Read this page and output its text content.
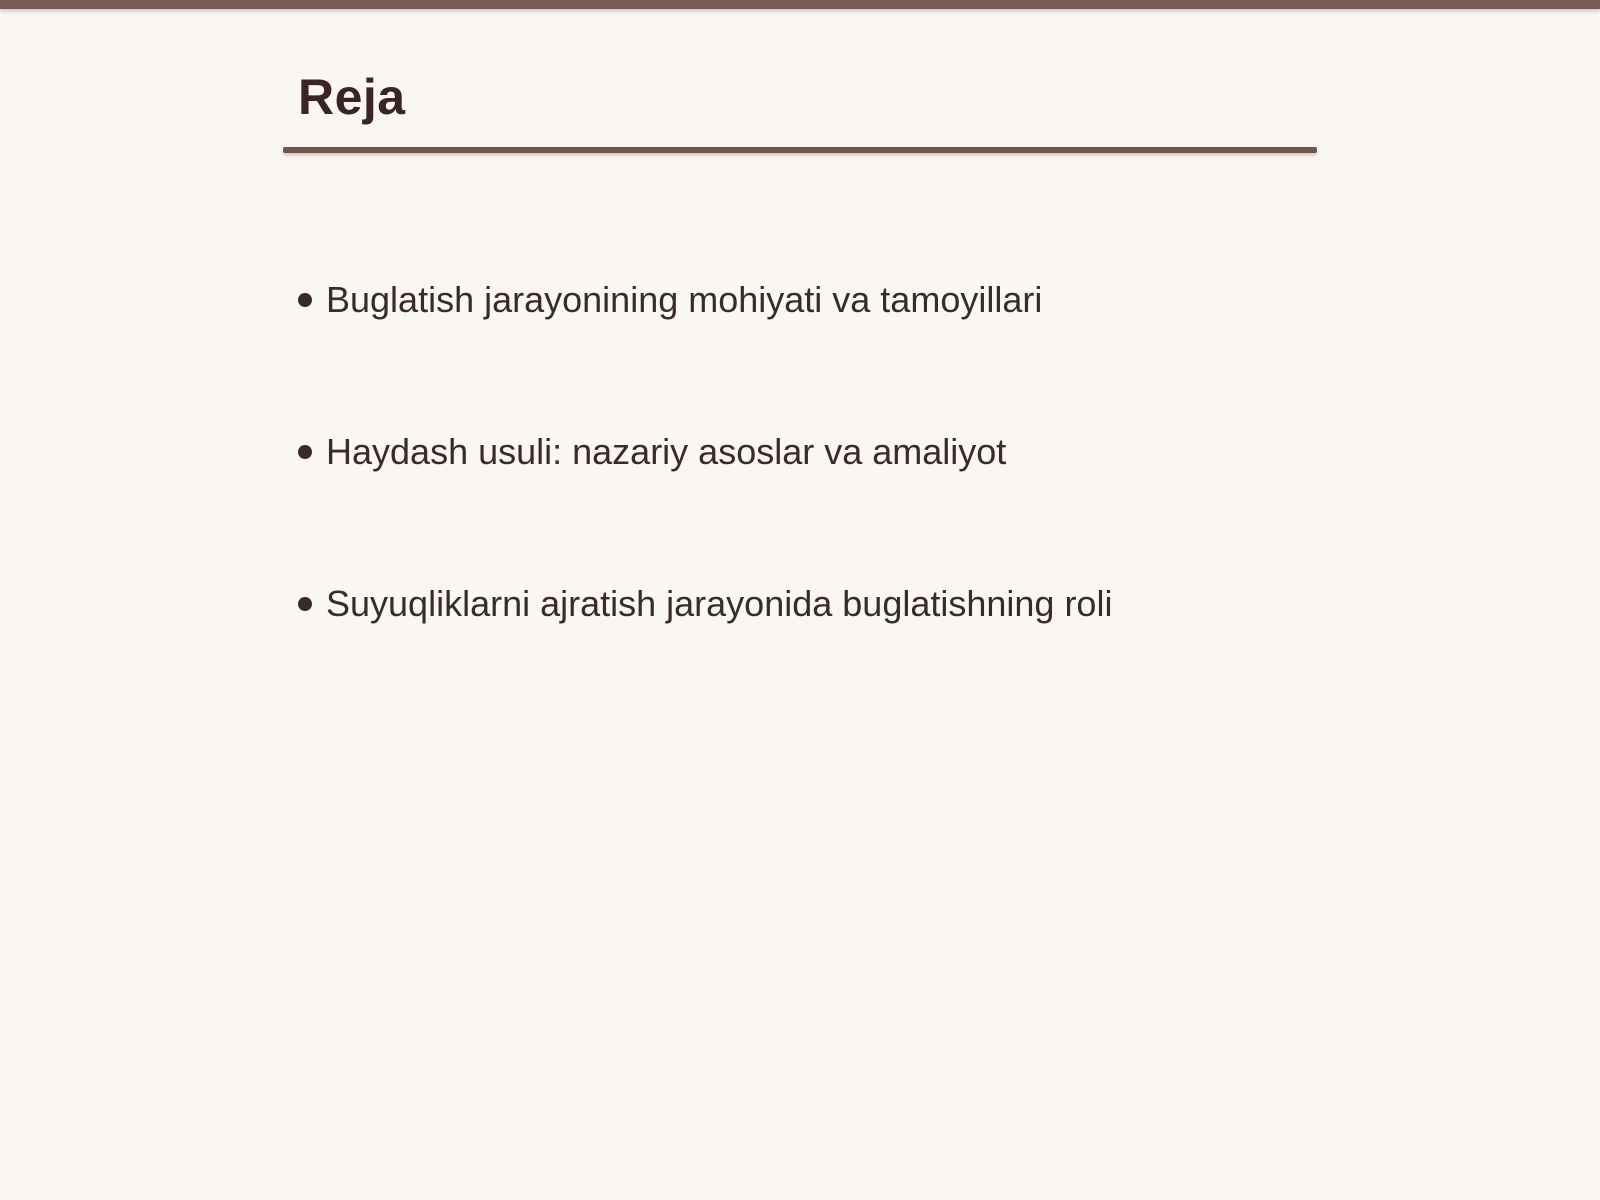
Reja
Buglatish jarayonining mohiyati va tamoyillari
Haydash usuli: nazariy asoslar va amaliyot
Suyuqliklarni ajratish jarayonida buglatishning roli
